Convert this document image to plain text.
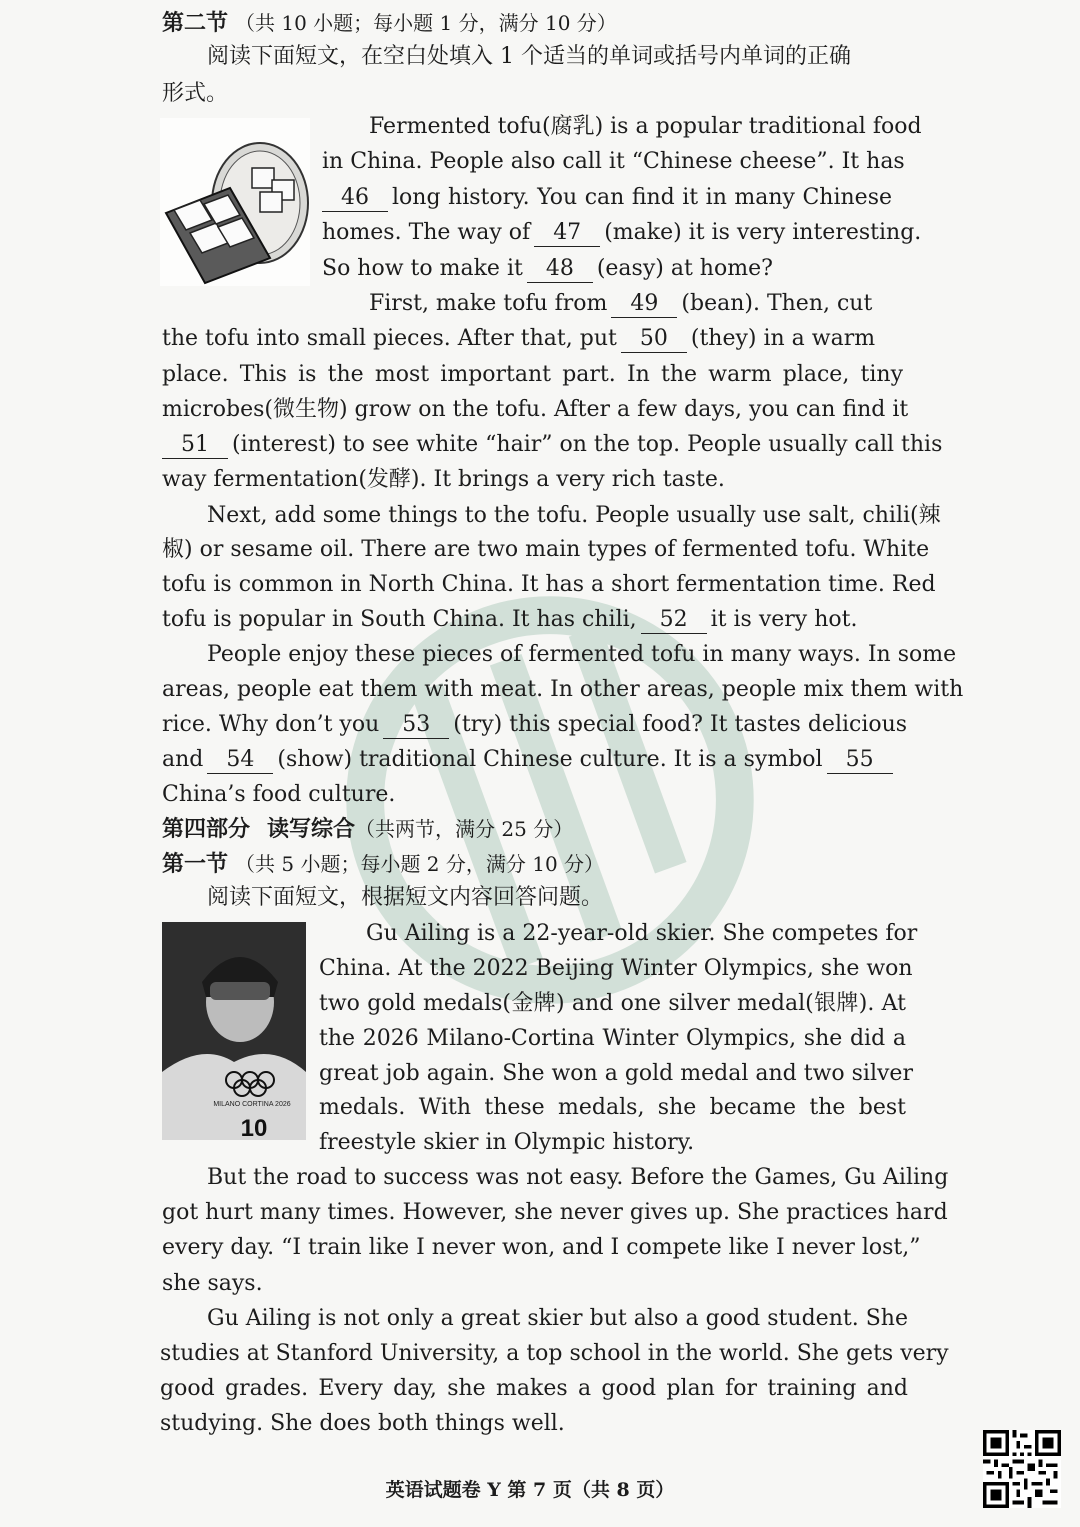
第二节 （共 10 小题；每小题 1 分，满分 10 分）
阅读下面短文，在空白处填入 1 个适当的单词或括号内单词的正确
形式。
Fermented tofu(腐乳) is a popular traditional food
in China. People also call it “Chinese cheese”. It has
46 long history. You can find it in many Chinese
homes. The way of 47 (make) it is very interesting.
So how to make it 48 (easy) at home?
First, make tofu from 49 (bean). Then, cut
the tofu into small pieces. After that, put 50 (they) in a warm
place. This is the most important part. In the warm place, tiny
microbes(微生物) grow on the tofu. After a few days, you can find it
51 (interest) to see white “hair” on the top. People usually call this
way fermentation(发酵). It brings a very rich taste.
Next, add some things to the tofu. People usually use salt, chili(辣
椒) or sesame oil. There are two main types of fermented tofu. White
tofu is common in North China. It has a short fermentation time. Red
tofu is popular in South China. It has chili, 52 it is very hot.
People enjoy these pieces of fermented tofu in many ways. In some
areas, people eat them with meat. In other areas, people mix them with
rice. Why don’t you 53 (try) this special food? It tastes delicious
and 54 (show) traditional Chinese culture. It is a symbol 55
China’s food culture.
第四部分 读写综合（共两节，满分 25 分）
第一节 （共 5 小题；每小题 2 分，满分 10 分）
阅读下面短文，根据短文内容回答问题。
MILANO CORTINA 2026
10
Gu Ailing is a 22-year-old skier. She competes for
China. At the 2022 Beijing Winter Olympics, she won
two gold medals(金牌) and one silver medal(银牌). At
the 2026 Milano-Cortina Winter Olympics, she did a
great job again. She won a gold medal and two silver
medals. With these medals, she became the best
freestyle skier in Olympic history.
But the road to success was not easy. Before the Games, Gu Ailing
got hurt many times. However, she never gives up. She practices hard
every day. “I train like I never won, and I compete like I never lost,”
she says.
Gu Ailing is not only a great skier but also a good student. She
studies at Stanford University, a top school in the world. She gets very
good grades. Every day, she makes a good plan for training and
studying. She does both things well.
英语试题卷 Y 第 7 页（共 8 页）
